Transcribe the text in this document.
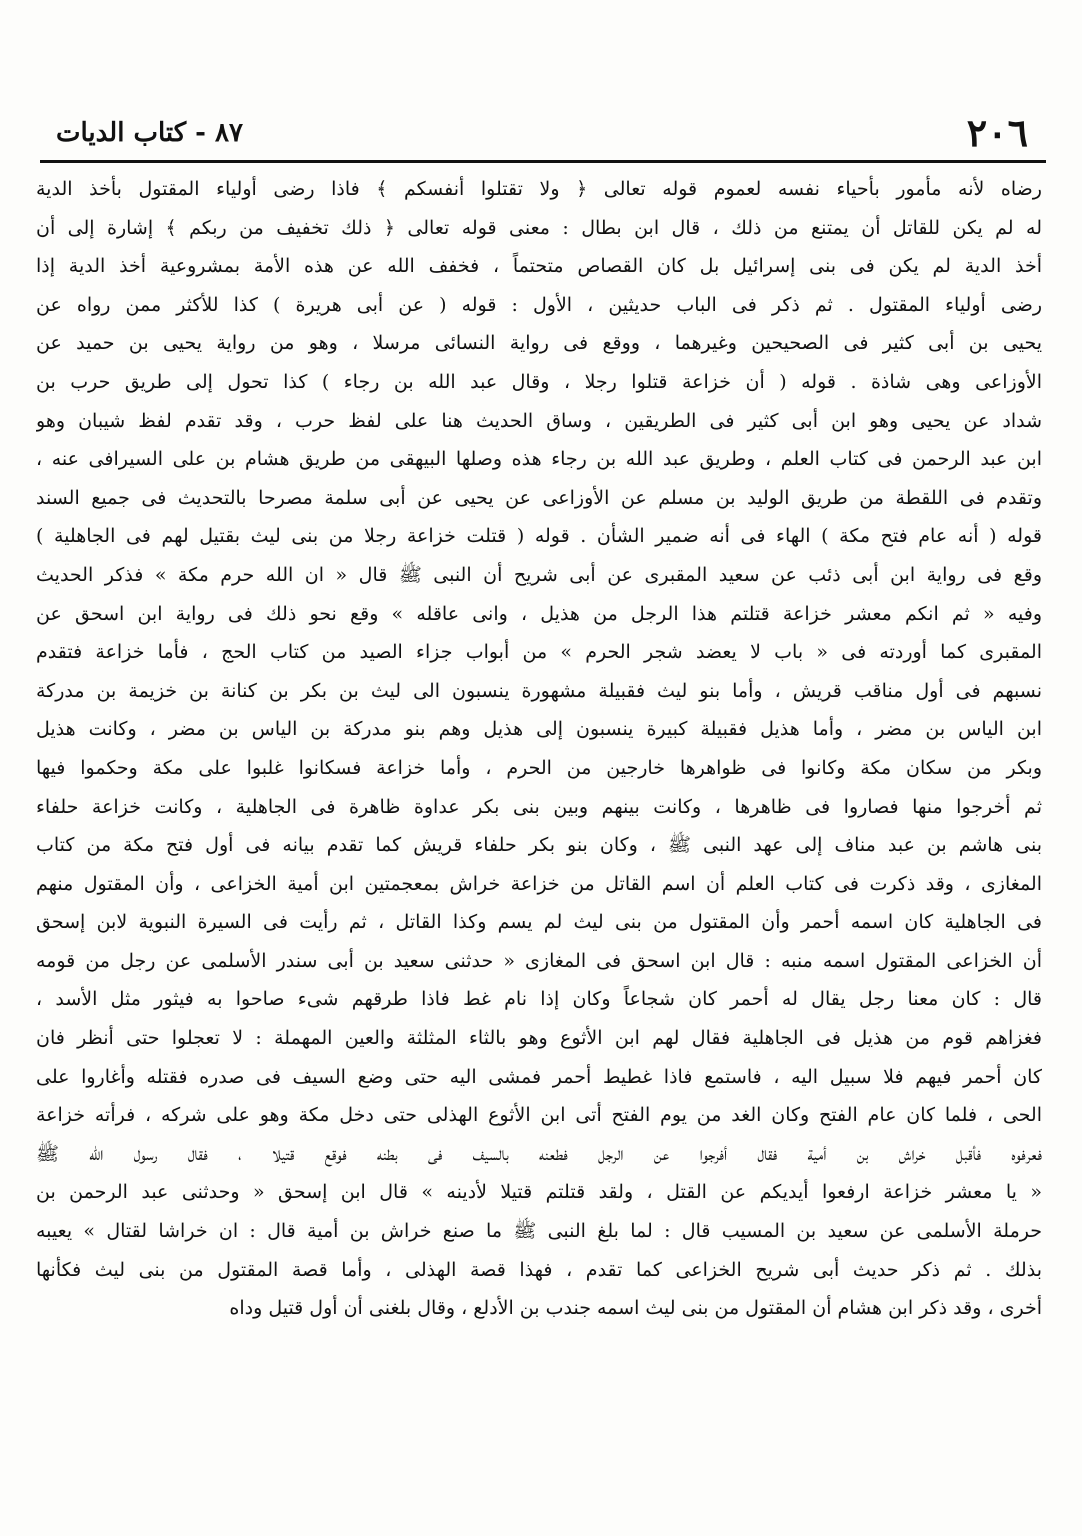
٢٠٦
٨٧ - كتاب الديات
رضاه لأنه مأمور بأحياء نفسه لعموم قوله تعالى ﴿ ولا تقتلوا أنفسكم ﴾ فاذا رضى أولياء المقتول بأخذ الدية
له لم يكن للقاتل أن يمتنع من ذلك ، قال ابن بطال : معنى قوله تعالى ﴿ ذلك تخفيف من ربكم ﴾ إشارة إلى أن
أخذ الدية لم يكن فى بنى إسرائيل بل كان القصاص متحتماً ، فخفف الله عن هذه الأمة بمشروعية أخذ الدية إذا
رضى أولياء المقتول . ثم ذكر فى الباب حديثين ، الأول : قوله ( عن أبى هريرة ) كذا للأكثر ممن رواه عن
يحيى بن أبى كثير فى الصحيحين وغيرهما ، ووقع فى رواية النسائى مرسلا ، وهو من رواية يحيى بن حميد عن
الأوزاعى وهى شاذة . قوله ( أن خزاعة قتلوا رجلا ، وقال عبد الله بن رجاء ) كذا تحول إلى طريق حرب بن
شداد عن يحيى وهو ابن أبى كثير فى الطريقين ، وساق الحديث هنا على لفظ حرب ، وقد تقدم لفظ شيبان وهو
ابن عبد الرحمن فى كتاب العلم ، وطريق عبد الله بن رجاء هذه وصلها البيهقى من طريق هشام بن على السيرافى عنه ،
وتقدم فى اللقطة من طريق الوليد بن مسلم عن الأوزاعى عن يحيى عن أبى سلمة مصرحا بالتحديث فى جميع السند
قوله ( أنه عام فتح مكة ) الهاء فى أنه ضمير الشأن . قوله ( قتلت خزاعة رجلا من بنى ليث بقتيل لهم فى الجاهلية )
وقع فى رواية ابن أبى ذئب عن سعيد المقبرى عن أبى شريح أن النبى ﷺ قال « ان الله حرم مكة » فذكر الحديث
وفيه « ثم انكم معشر خزاعة قتلتم هذا الرجل من هذيل ، وانى عاقله » وقع نحو ذلك فى رواية ابن اسحق عن
المقبرى كما أوردته فى « باب لا يعضد شجر الحرم » من أبواب جزاء الصيد من كتاب الحج ، فأما خزاعة فتقدم
نسبهم فى أول مناقب قريش ، وأما بنو ليث فقبيلة مشهورة ينسبون الى ليث بن بكر بن كنانة بن خزيمة بن مدركة
ابن الياس بن مضر ، وأما هذيل فقبيلة كبيرة ينسبون إلى هذيل وهم بنو مدركة بن الياس بن مضر ، وكانت هذيل
وبكر من سكان مكة وكانوا فى ظواهرها خارجين من الحرم ، وأما خزاعة فسكانوا غلبوا على مكة وحكموا فيها
ثم أخرجوا منها فصاروا فى ظاهرها ، وكانت بينهم وبين بنى بكر عداوة ظاهرة فى الجاهلية ، وكانت خزاعة حلفاء
بنى هاشم بن عبد مناف إلى عهد النبى ﷺ ، وكان بنو بكر حلفاء قريش كما تقدم بيانه فى أول فتح مكة من كتاب
المغازى ، وقد ذكرت فى كتاب العلم أن اسم القاتل من خزاعة خراش بمعجمتين ابن أمية الخزاعى ، وأن المقتول منهم
فى الجاهلية كان اسمه أحمر وأن المقتول من بنى ليث لم يسم وكذا القاتل ، ثم رأيت فى السيرة النبوية لابن إسحق
أن الخزاعى المقتول اسمه منبه : قال ابن اسحق فى المغازى « حدثنى سعيد بن أبى سندر الأسلمى عن رجل من قومه
قال : كان معنا رجل يقال له أحمر كان شجاعاً وكان إذا نام غط فاذا طرقهم شىء صاحوا به فيثور مثل الأسد ،
فغزاهم قوم من هذيل فى الجاهلية فقال لهم ابن الأثوع وهو بالثاء المثلثة والعين المهملة : لا تعجلوا حتى أنظر فان
كان أحمر فيهم فلا سبيل اليه ، فاستمع فاذا غطيط أحمر فمشى اليه حتى وضع السيف فى صدره فقتله وأغاروا على
الحى ، فلما كان عام الفتح وكان الغد من يوم الفتح أتى ابن الأثوع الهذلى حتى دخل مكة وهو على شركه ، فرأته خزاعة
فعرفوه فأقبل خراش بن أمية فقال أفرجوا عن الرجل فطعنه بالسيف فى بطنه فوقع قتيلا ، فقال رسول الله ﷺ
« يا معشر خزاعة ارفعوا أيديكم عن القتل ، ولقد قتلتم قتيلا لأدينه » قال ابن إسحق « وحدثنى عبد الرحمن بن
حرملة الأسلمى عن سعيد بن المسيب قال : لما بلغ النبى ﷺ ما صنع خراش بن أمية قال : ان خراشا لقتال » يعيبه
بذلك . ثم ذكر حديث أبى شريح الخزاعى كما تقدم ، فهذا قصة الهذلى ، وأما قصة المقتول من بنى ليث فكأنها
أخرى ، وقد ذكر ابن هشام أن المقتول من بنى ليث اسمه جندب بن الأدلع ، وقال بلغنى أن أول قتيل وداه
